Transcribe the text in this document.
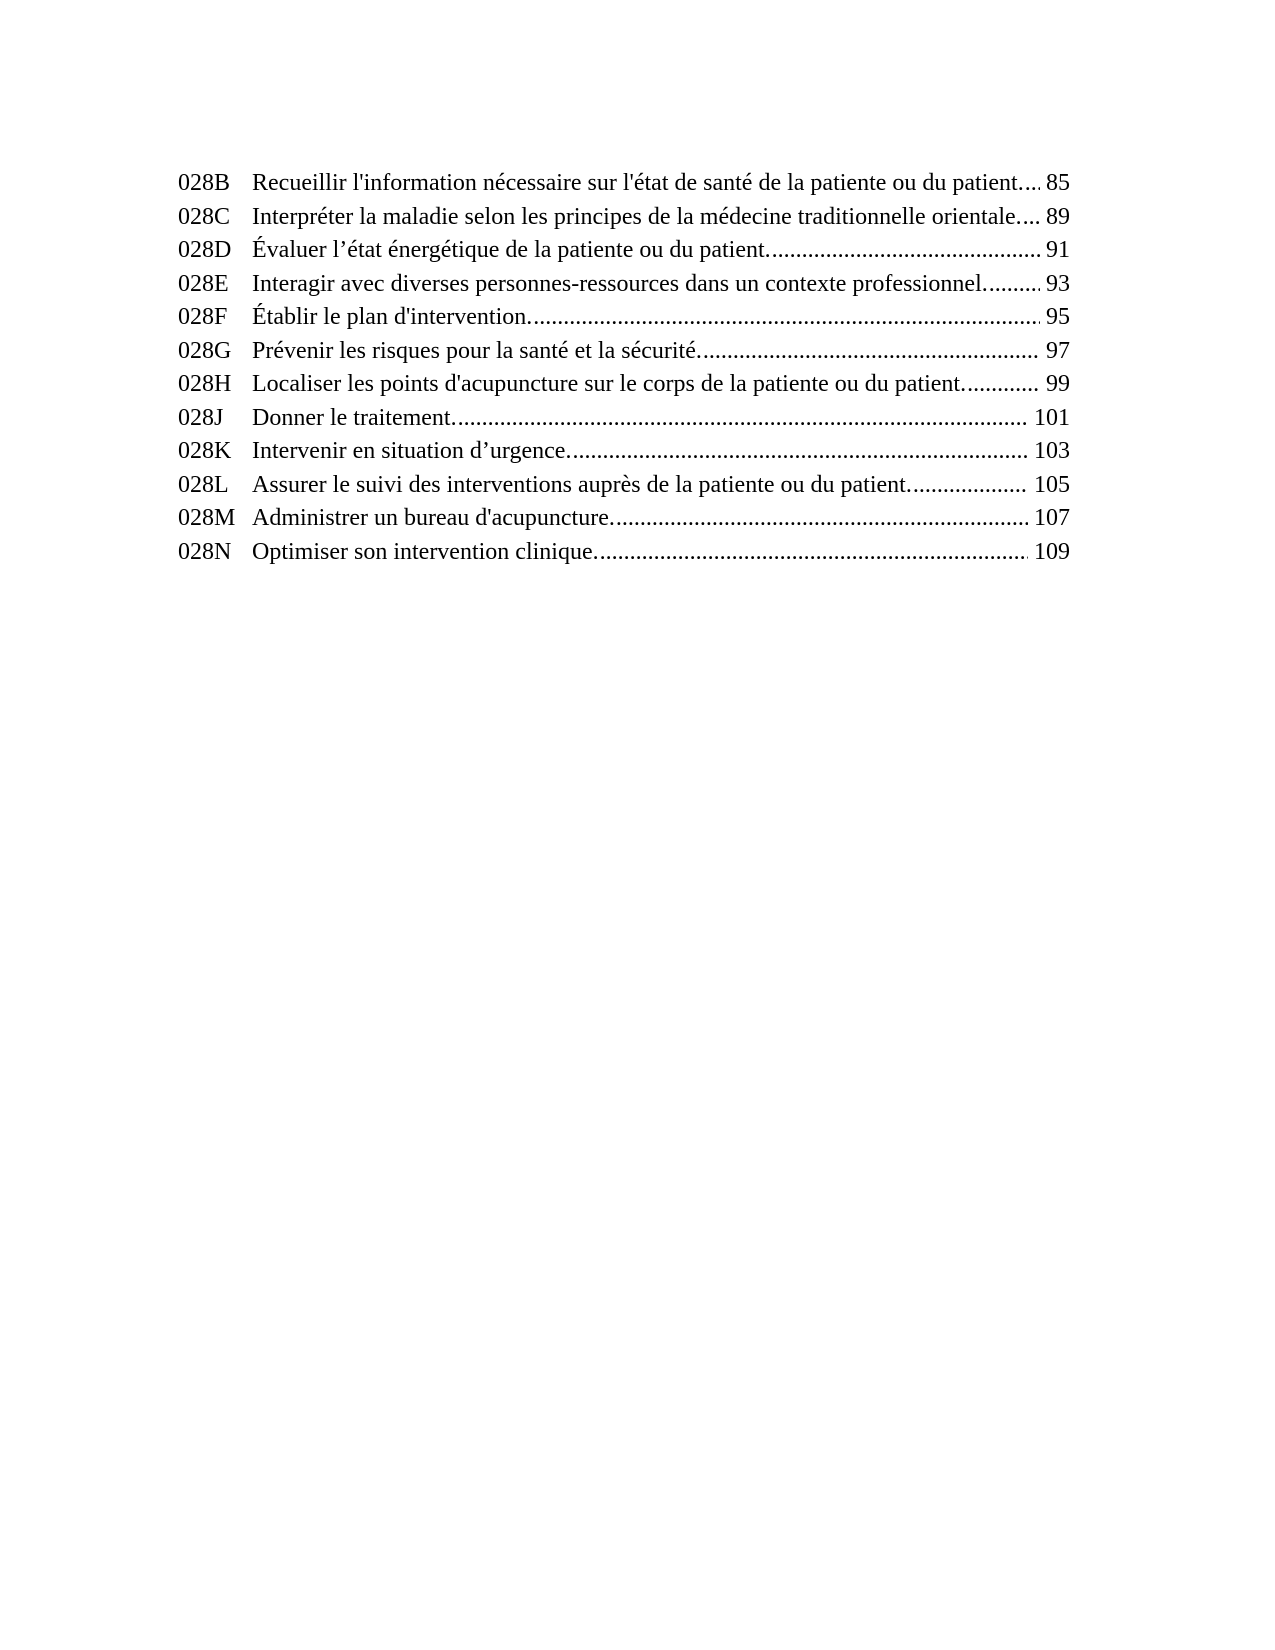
028B Recueillir l'information nécessaire sur l'état de santé de la patiente ou du patient. ..... 85
028C Interpréter la maladie selon les principes de la médecine traditionnelle orientale. ..... 89
028D Évaluer l’état énergétique de la patiente ou du patient. .....	91
028E Interagir avec diverses personnes-ressources dans un contexte professionnel. ..... 93
028F	Établir le plan d'intervention. .....	95
028G Prévenir les risques pour la santé et la sécurité. .....	97
028H Localiser les points d'acupuncture sur le corps de la patiente ou du patient. .....	99
028J	Donner le traitement. .....	101
028K Intervenir en situation d’urgence. .....	103
028L Assurer le suivi des interventions auprès de la patiente ou du patient. .....	105
028M Administrer un bureau d'acupuncture. .....	107
028N Optimiser son intervention clinique. .....	109
